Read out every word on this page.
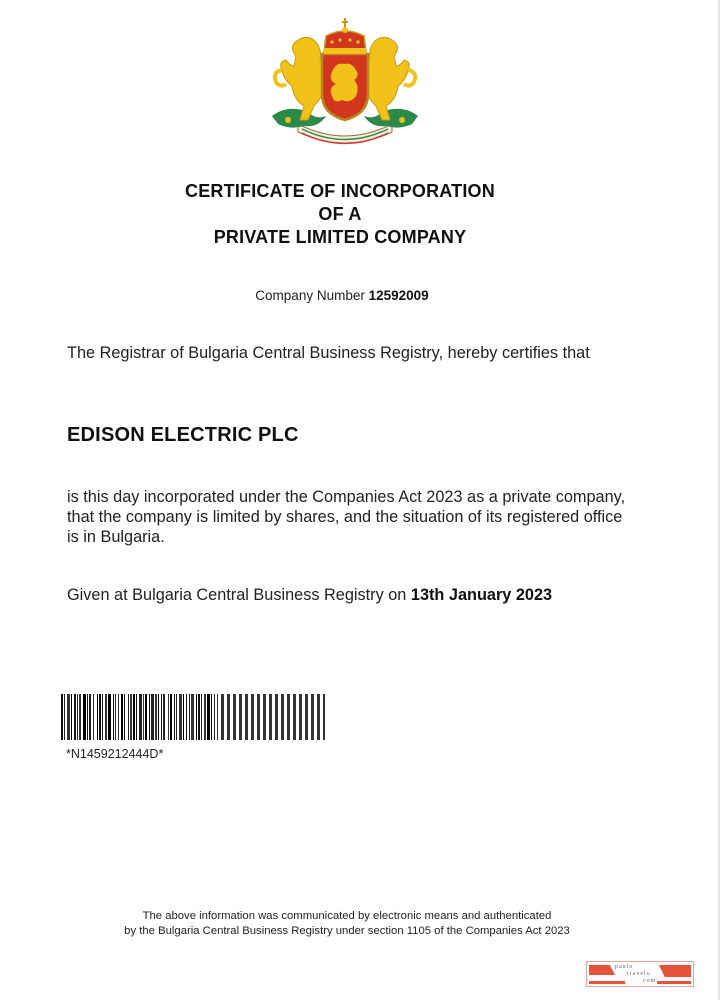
CERTIFICATE OF INCORPORATION
OF A
PRIVATE LIMITED COMPANY
Company Number 12592009
The Registrar of Bulgaria Central Business Registry, hereby certifies that
EDISON ELECTRIC PLC
is this day incorporated under the Companies Act 2023 as a private company, that the company is limited by shares, and the situation of its registered office is in Bulgaria.
Given at Bulgaria Central Business Registry on 13th January 2023
*N1459212444D*
The above information was communicated by electronic means and authenticated
by the Bulgaria Central Business Registry under section 1105 of the Companies Act 2023
paulo
travels.
com
